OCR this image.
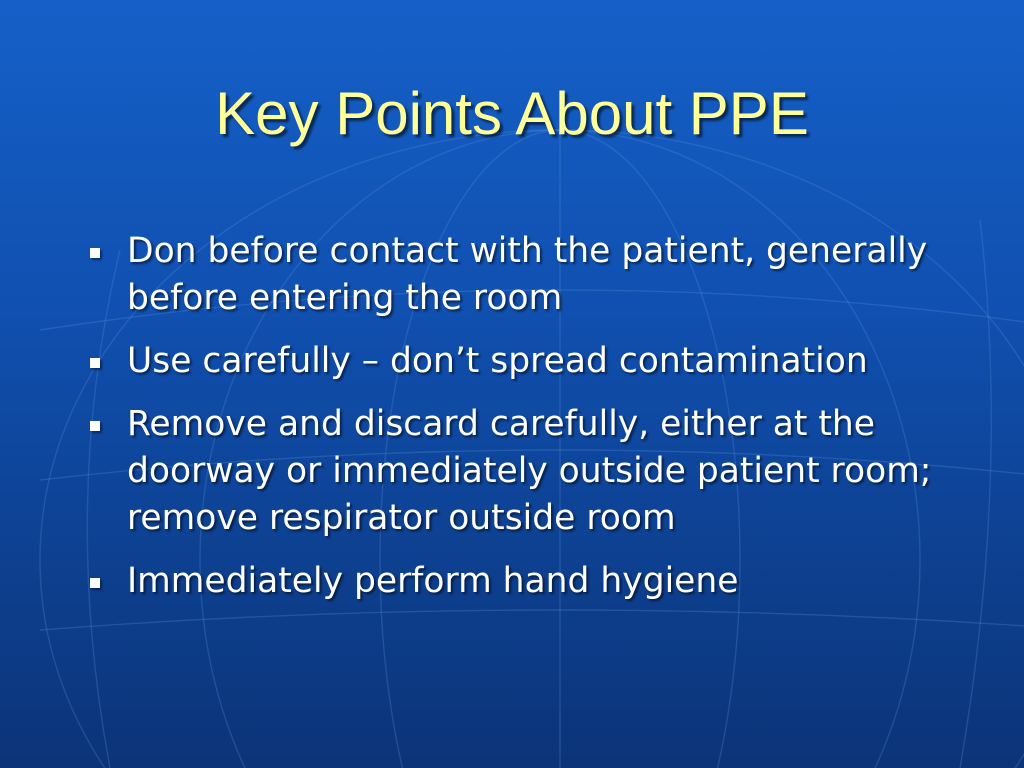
Key Points About PPE
Don before contact with the patient, generally before entering the room
Use carefully – don’t spread contamination
Remove and discard carefully, either at the doorway or immediately outside patient room; remove respirator outside room
Immediately perform hand hygiene
